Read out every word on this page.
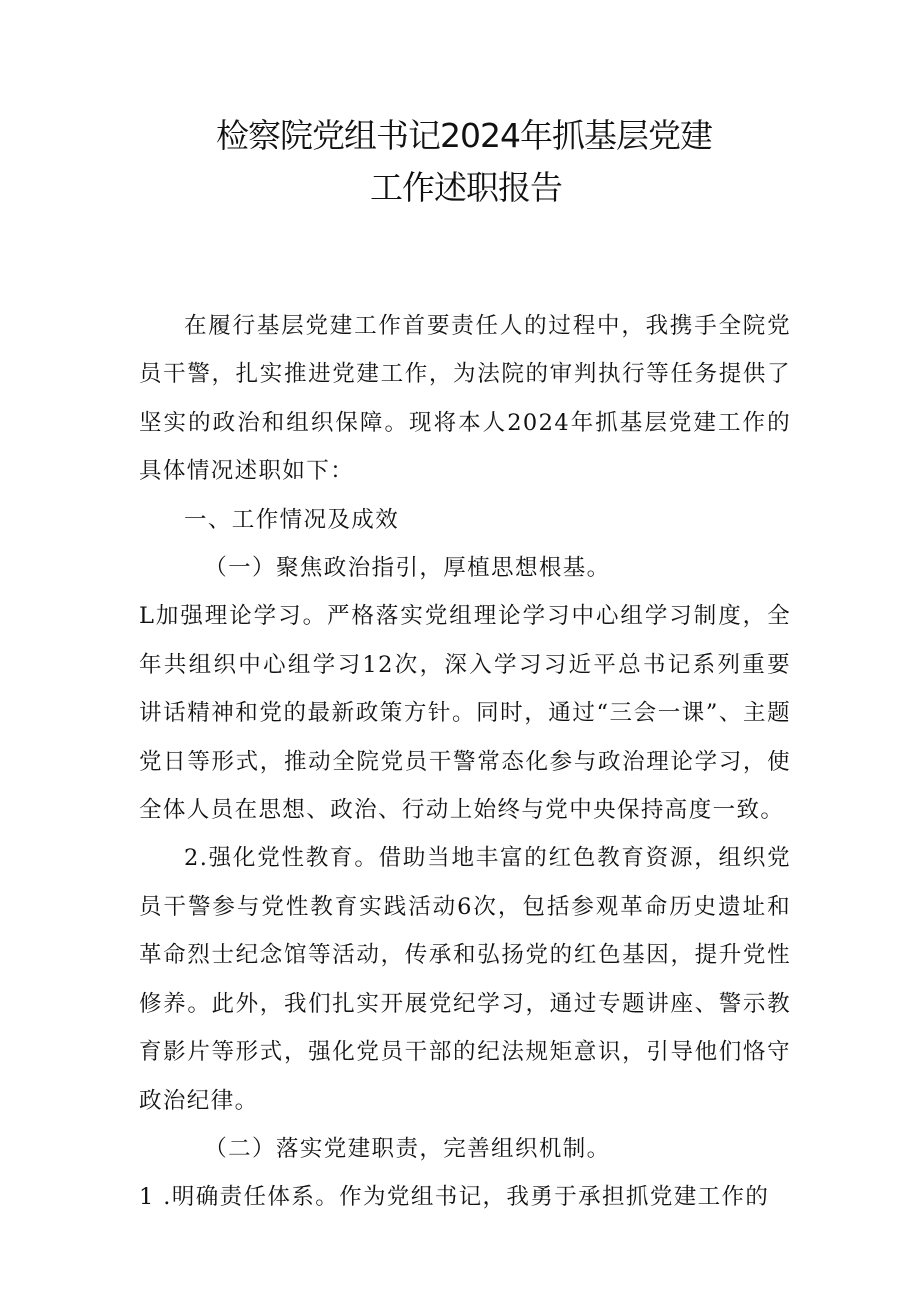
检察院党组书记2024年抓基层党建
工作述职报告

在履行基层党建工作首要责任人的过程中，我携手全院党员干警，扎实推进党建工作，为法院的审判执行等任务提供了坚实的政治和组织保障。现将本人2024年抓基层党建工作的具体情况述职如下：

一、工作情况及成效

（一）聚焦政治指引，厚植思想根基。

L加强理论学习。严格落实党组理论学习中心组学习制度，全年共组织中心组学习12次，深入学习习近平总书记系列重要讲话精神和党的最新政策方针。同时，通过“三会一课”、主题党日等形式，推动全院党员干警常态化参与政治理论学习，使全体人员在思想、政治、行动上始终与党中央保持高度一致。

2.强化党性教育。借助当地丰富的红色教育资源，组织党员干警参与党性教育实践活动6次，包括参观革命历史遗址和革命烈士纪念馆等活动，传承和弘扬党的红色基因，提升党性修养。此外，我们扎实开展党纪学习，通过专题讲座、警示教育影片等形式，强化党员干部的纪法规矩意识，引导他们恪守政治纪律。

（二）落实党建职责，完善组织机制。

1 .明确责任体系。作为党组书记，我勇于承担抓党建工作的
